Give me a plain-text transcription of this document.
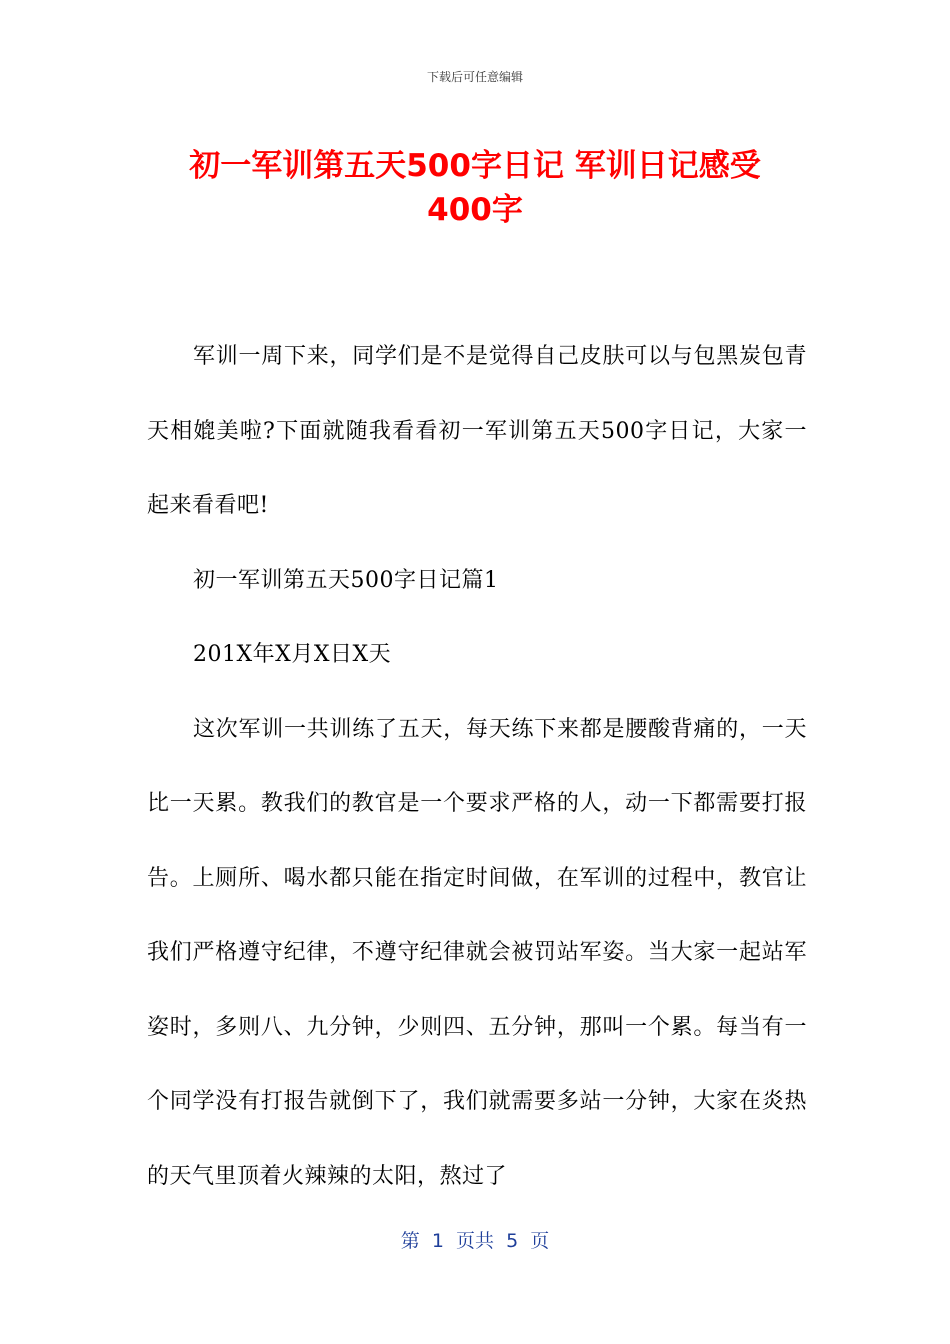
下载后可任意编辑
初一军训第五天500字日记 军训日记感受
400字

军训一周下来，同学们是不是觉得自己皮肤可以与包黑炭包青天相媲美啦?下面就随我看看初一军训第五天500字日记，大家一起来看看吧!

初一军训第五天500字日记篇1

201X年X月X日X天

这次军训一共训练了五天，每天练下来都是腰酸背痛的，一天比一天累。教我们的教官是一个要求严格的人，动一下都需要打报告。上厕所、喝水都只能在指定时间做，在军训的过程中，教官让我们严格遵守纪律，不遵守纪律就会被罚站军姿。当大家一起站军姿时，多则八、九分钟，少则四、五分钟，那叫一个累。每当有一个同学没有打报告就倒下了，我们就需要多站一分钟，大家在炎热的天气里顶着火辣辣的太阳，熬过了

第  1  页共  5  页
